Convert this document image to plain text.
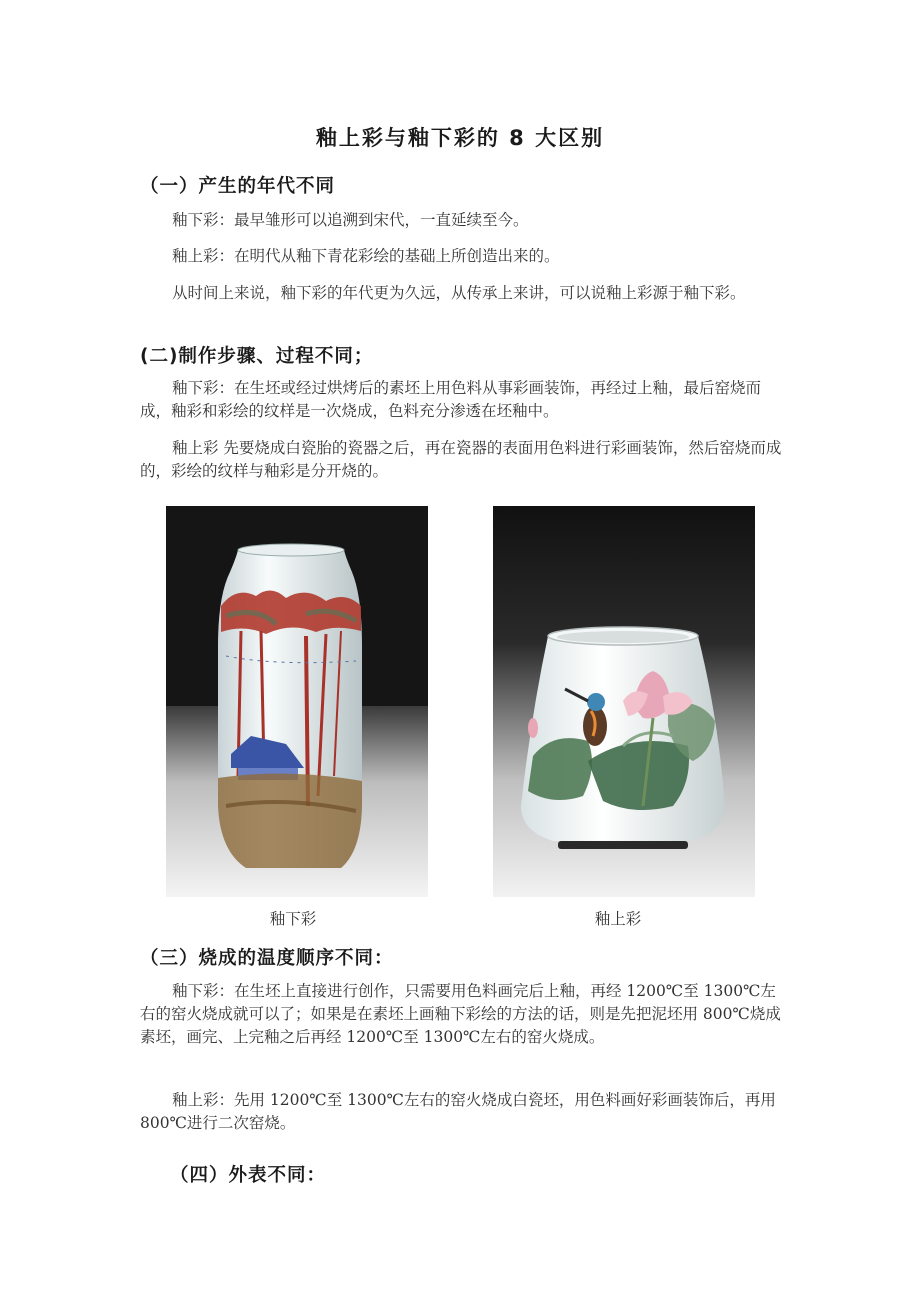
釉上彩与釉下彩的 8 大区别
（一）产生的年代不同
釉下彩：最早雏形可以追溯到宋代，一直延续至今。
釉上彩：在明代从釉下青花彩绘的基础上所创造出来的。
从时间上来说，釉下彩的年代更为久远，从传承上来讲，可以说釉上彩源于釉下彩。
(二)制作步骤、过程不同；
釉下彩：在生坯或经过烘烤后的素坯上用色料从事彩画装饰，再经过上釉，最后窑烧而成，釉彩和彩绘的纹样是一次烧成，色料充分渗透在坯釉中。
釉上彩 先要烧成白瓷胎的瓷器之后，再在瓷器的表面用色料进行彩画装饰，然后窑烧而成的，彩绘的纹样与釉彩是分开烧的。
釉下彩	釉上彩
（三）烧成的温度顺序不同：
釉下彩：在生坯上直接进行创作，只需要用色料画完后上釉，再经 1200℃至 1300℃左右的窑火烧成就可以了；如果是在素坯上画釉下彩绘的方法的话，则是先把泥坯用 800℃烧成素坯，画完、上完釉之后再经 1200℃至 1300℃左右的窑火烧成。
釉上彩：先用 1200℃至 1300℃左右的窑火烧成白瓷坯，用色料画好彩画装饰后，再用 800℃进行二次窑烧。
（四）外表不同：
